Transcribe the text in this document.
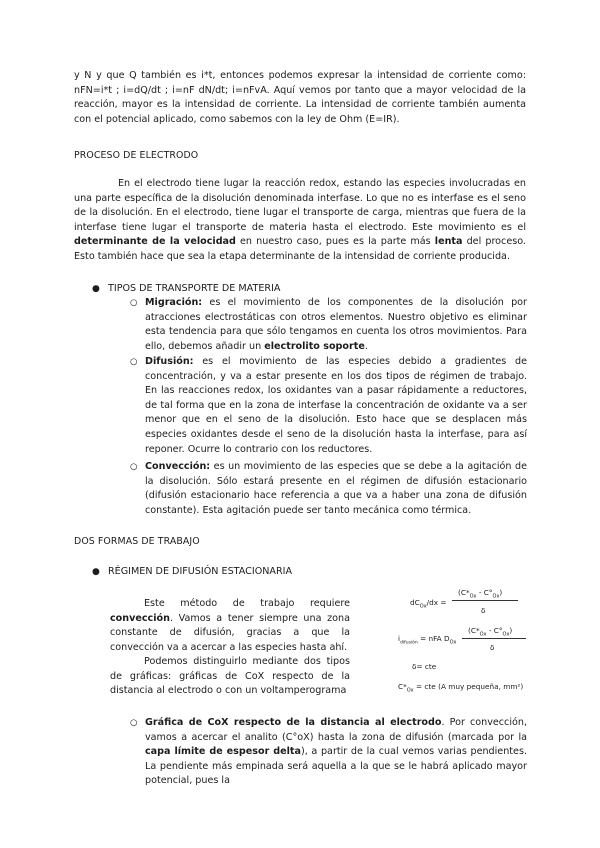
y N y que Q también es i*t, entonces podemos expresar la intensidad de corriente como: nFN=i*t ; i=dQ/dt ; i=nF dN/dt; i=nFvA. Aquí vemos por tanto que a mayor velocidad de la reacción, mayor es la intensidad de corriente. La intensidad de corriente también aumenta con el potencial aplicado, como sabemos con la ley de Ohm (E=IR).

PROCESO DE ELECTRODO

En el electrodo tiene lugar la reacción redox, estando las especies involucradas en una parte específica de la disolución denominada interfase. Lo que no es interfase es el seno de la disolución. En el electrodo, tiene lugar el transporte de carga, mientras que fuera de la interfase tiene lugar el transporte de materia hasta el electrodo. Este movimiento es el determinante de la velocidad en nuestro caso, pues es la parte más lenta del proceso. Esto también hace que sea la etapa determinante de la intensidad de corriente producida.

● TIPOS DE TRANSPORTE DE MATERIA

○ Migración: es el movimiento de los componentes de la disolución por atracciones electrostáticas con otros elementos. Nuestro objetivo es eliminar esta tendencia para que sólo tengamos en cuenta los otros movimientos. Para ello, debemos añadir un electrolito soporte.

○ Difusión: es el movimiento de las especies debido a gradientes de concentración, y va a estar presente en los dos tipos de régimen de trabajo. En las reacciones redox, los oxidantes van a pasar rápidamente a reductores, de tal forma que en la zona de interfase la concentración de oxidante va a ser menor que en el seno de la disolución. Esto hace que se desplacen más especies oxidantes desde el seno de la disolución hasta la interfase, para así reponer. Ocurre lo contrario con los reductores.

○ Convección: es un movimiento de las especies que se debe a la agitación de la disolución. Sólo estará presente en el régimen de difusión estacionario (difusión estacionario hace referencia a que va a haber una zona de difusión constante). Esta agitación puede ser tanto mecánica como térmica.

DOS FORMAS DE TRABAJO

● RÉGIMEN DE DIFUSIÓN ESTACIONARIA

Este método de trabajo requiere convección. Vamos a tener siempre una zona constante de difusión, gracias a que la convección va a acercar a las especies hasta ahí.

Podemos distinguirlo mediante dos tipos de gráficas: gráficas de CoX respecto de la distancia al electrodo o con un voltamperograma

$dC_{Ox}/dx$ =
$(C*_{Ox} - C^\circ_{Ox})$
δ
$i_{difusión}$ = nFA $D_{Ox}$
$(C*_{Ox} - C^\circ_{Ox})$
δ
δ= cte
$C*_{Ox}$ = cte (A muy pequeña, mm²)
○ Gráfica de CoX respecto de la distancia al electrodo. Por convección, vamos a acercar el analito (C°oX) hasta la zona de difusión (marcada por la capa límite de espesor delta), a partir de la cual vemos varias pendientes. La pendiente más empinada será aquella a la que se le habrá aplicado mayor potencial, pues la
